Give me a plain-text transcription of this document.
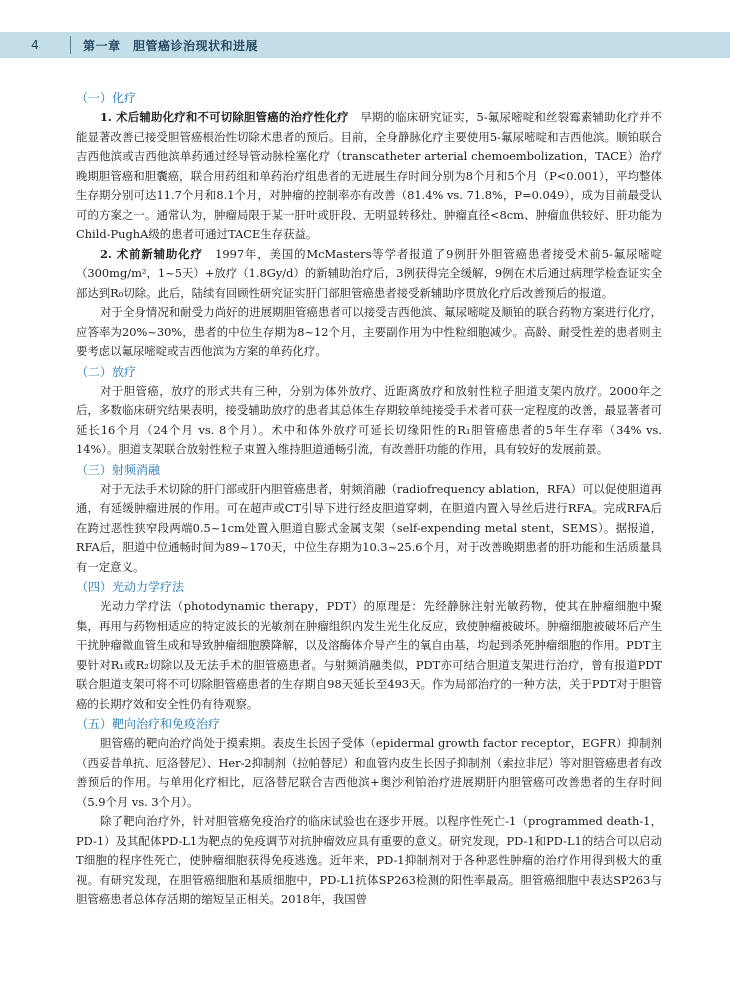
4	第一章　胆管癌诊治现状和进展

（一）化疗

1. 术后辅助化疗和不可切除胆管癌的治疗性化疗　早期的临床研究证实，5-氟尿嘧啶和丝裂霉素辅助化疗并不能显著改善已接受胆管癌根治性切除术患者的预后。目前，全身静脉化疗主要使用5-氟尿嘧啶和吉西他滨。顺铂联合吉西他滨或吉西他滨单药通过经导管动脉栓塞化疗（transcatheter arterial chemoembolization，TACE）治疗晚期胆管癌和胆囊癌，联合用药组和单药治疗组患者的无进展生存时间分别为8个月和5个月（P<0.001），平均整体生存期分别可达11.7个月和8.1个月，对肿瘤的控制率亦有改善（81.4% vs. 71.8%，P=0.049），成为目前最受认可的方案之一。通常认为，肿瘤局限于某一肝叶或肝段、无明显转移灶、肿瘤直径<8cm、肿瘤血供较好、肝功能为Child-PughA级的患者可通过TACE生存获益。

2. 术前新辅助化疗　1997年，美国的McMasters等学者报道了9例肝外胆管癌患者接受术前5-氟尿嘧啶（300mg/m²，1~5天）+放疗（1.8Gy/d）的新辅助治疗后，3例获得完全缓解，9例在术后通过病理学检查证实全部达到R₀切除。此后，陆续有回顾性研究证实肝门部胆管癌患者接受新辅助序贯放化疗后改善预后的报道。

对于全身情况和耐受力尚好的进展期胆管癌患者可以接受吉西他滨、氟尿嘧啶及顺铂的联合药物方案进行化疗，应答率为20%~30%，患者的中位生存期为8~12个月，主要副作用为中性粒细胞减少。高龄、耐受性差的患者则主要考虑以氟尿嘧啶或吉西他滨为方案的单药化疗。

（二）放疗

对于胆管癌，放疗的形式共有三种，分别为体外放疗、近距离放疗和放射性粒子胆道支架内放疗。2000年之后，多数临床研究结果表明，接受辅助放疗的患者其总体生存期较单纯接受手术者可获一定程度的改善，最显著者可延长16个月（24个月 vs. 8个月）。术中和体外放疗可延长切缘阳性的R₁胆管癌患者的5年生存率（34% vs. 14%）。胆道支架联合放射性粒子束置入维持胆道通畅引流，有改善肝功能的作用，具有较好的发展前景。

（三）射频消融

对于无法手术切除的肝门部或肝内胆管癌患者，射频消融（radiofrequency ablation，RFA）可以促使胆道再通，有延缓肿瘤进展的作用。可在超声或CT引导下进行经皮胆道穿刺，在胆道内置入导丝后进行RFA。完成RFA后在跨过恶性狭窄段两端0.5~1cm处置入胆道自膨式金属支架（self-expending metal stent，SEMS）。据报道，RFA后，胆道中位通畅时间为89~170天，中位生存期为10.3~25.6个月，对于改善晚期患者的肝功能和生活质量具有一定意义。

（四）光动力学疗法

光动力学疗法（photodynamic therapy，PDT）的原理是：先经静脉注射光敏药物，使其在肿瘤细胞中聚集，再用与药物相适应的特定波长的光敏剂在肿瘤组织内发生光生化反应，致使肿瘤被破坏。肿瘤细胞被破坏后产生干扰肿瘤微血管生成和导致肿瘤细胞膜降解，以及溶酶体介导产生的氧自由基，均起到杀死肿瘤细胞的作用。PDT主要针对R₁或R₂切除以及无法手术的胆管癌患者。与射频消融类似，PDT亦可结合胆道支架进行治疗，曾有报道PDT联合胆道支架可将不可切除胆管癌患者的生存期自98天延长至493天。作为局部治疗的一种方法，关于PDT对于胆管癌的长期疗效和安全性仍有待观察。

（五）靶向治疗和免疫治疗

胆管癌的靶向治疗尚处于摸索期。表皮生长因子受体（epidermal growth factor receptor，EGFR）抑制剂（西妥昔单抗、厄洛替尼）、Her-2抑制剂（拉帕替尼）和血管内皮生长因子抑制剂（索拉非尼）等对胆管癌患者有改善预后的作用。与单用化疗相比，厄洛替尼联合吉西他滨+奥沙利铂治疗进展期肝内胆管癌可改善患者的生存时间（5.9个月 vs. 3个月）。

除了靶向治疗外，针对胆管癌免疫治疗的临床试验也在逐步开展。以程序性死亡-1（programmed death-1，PD-1）及其配体PD-L1为靶点的免疫调节对抗肿瘤效应具有重要的意义。研究发现，PD-1和PD-L1的结合可以启动T细胞的程序性死亡，使肿瘤细胞获得免疫逃逸。近年来，PD-1抑制剂对于各种恶性肿瘤的治疗作用得到极大的重视。有研究发现，在胆管癌细胞和基质细胞中，PD-L1抗体SP263检测的阳性率最高。胆管癌细胞中表达SP263与胆管癌患者总体存活期的缩短呈正相关。2018年，我国曾
